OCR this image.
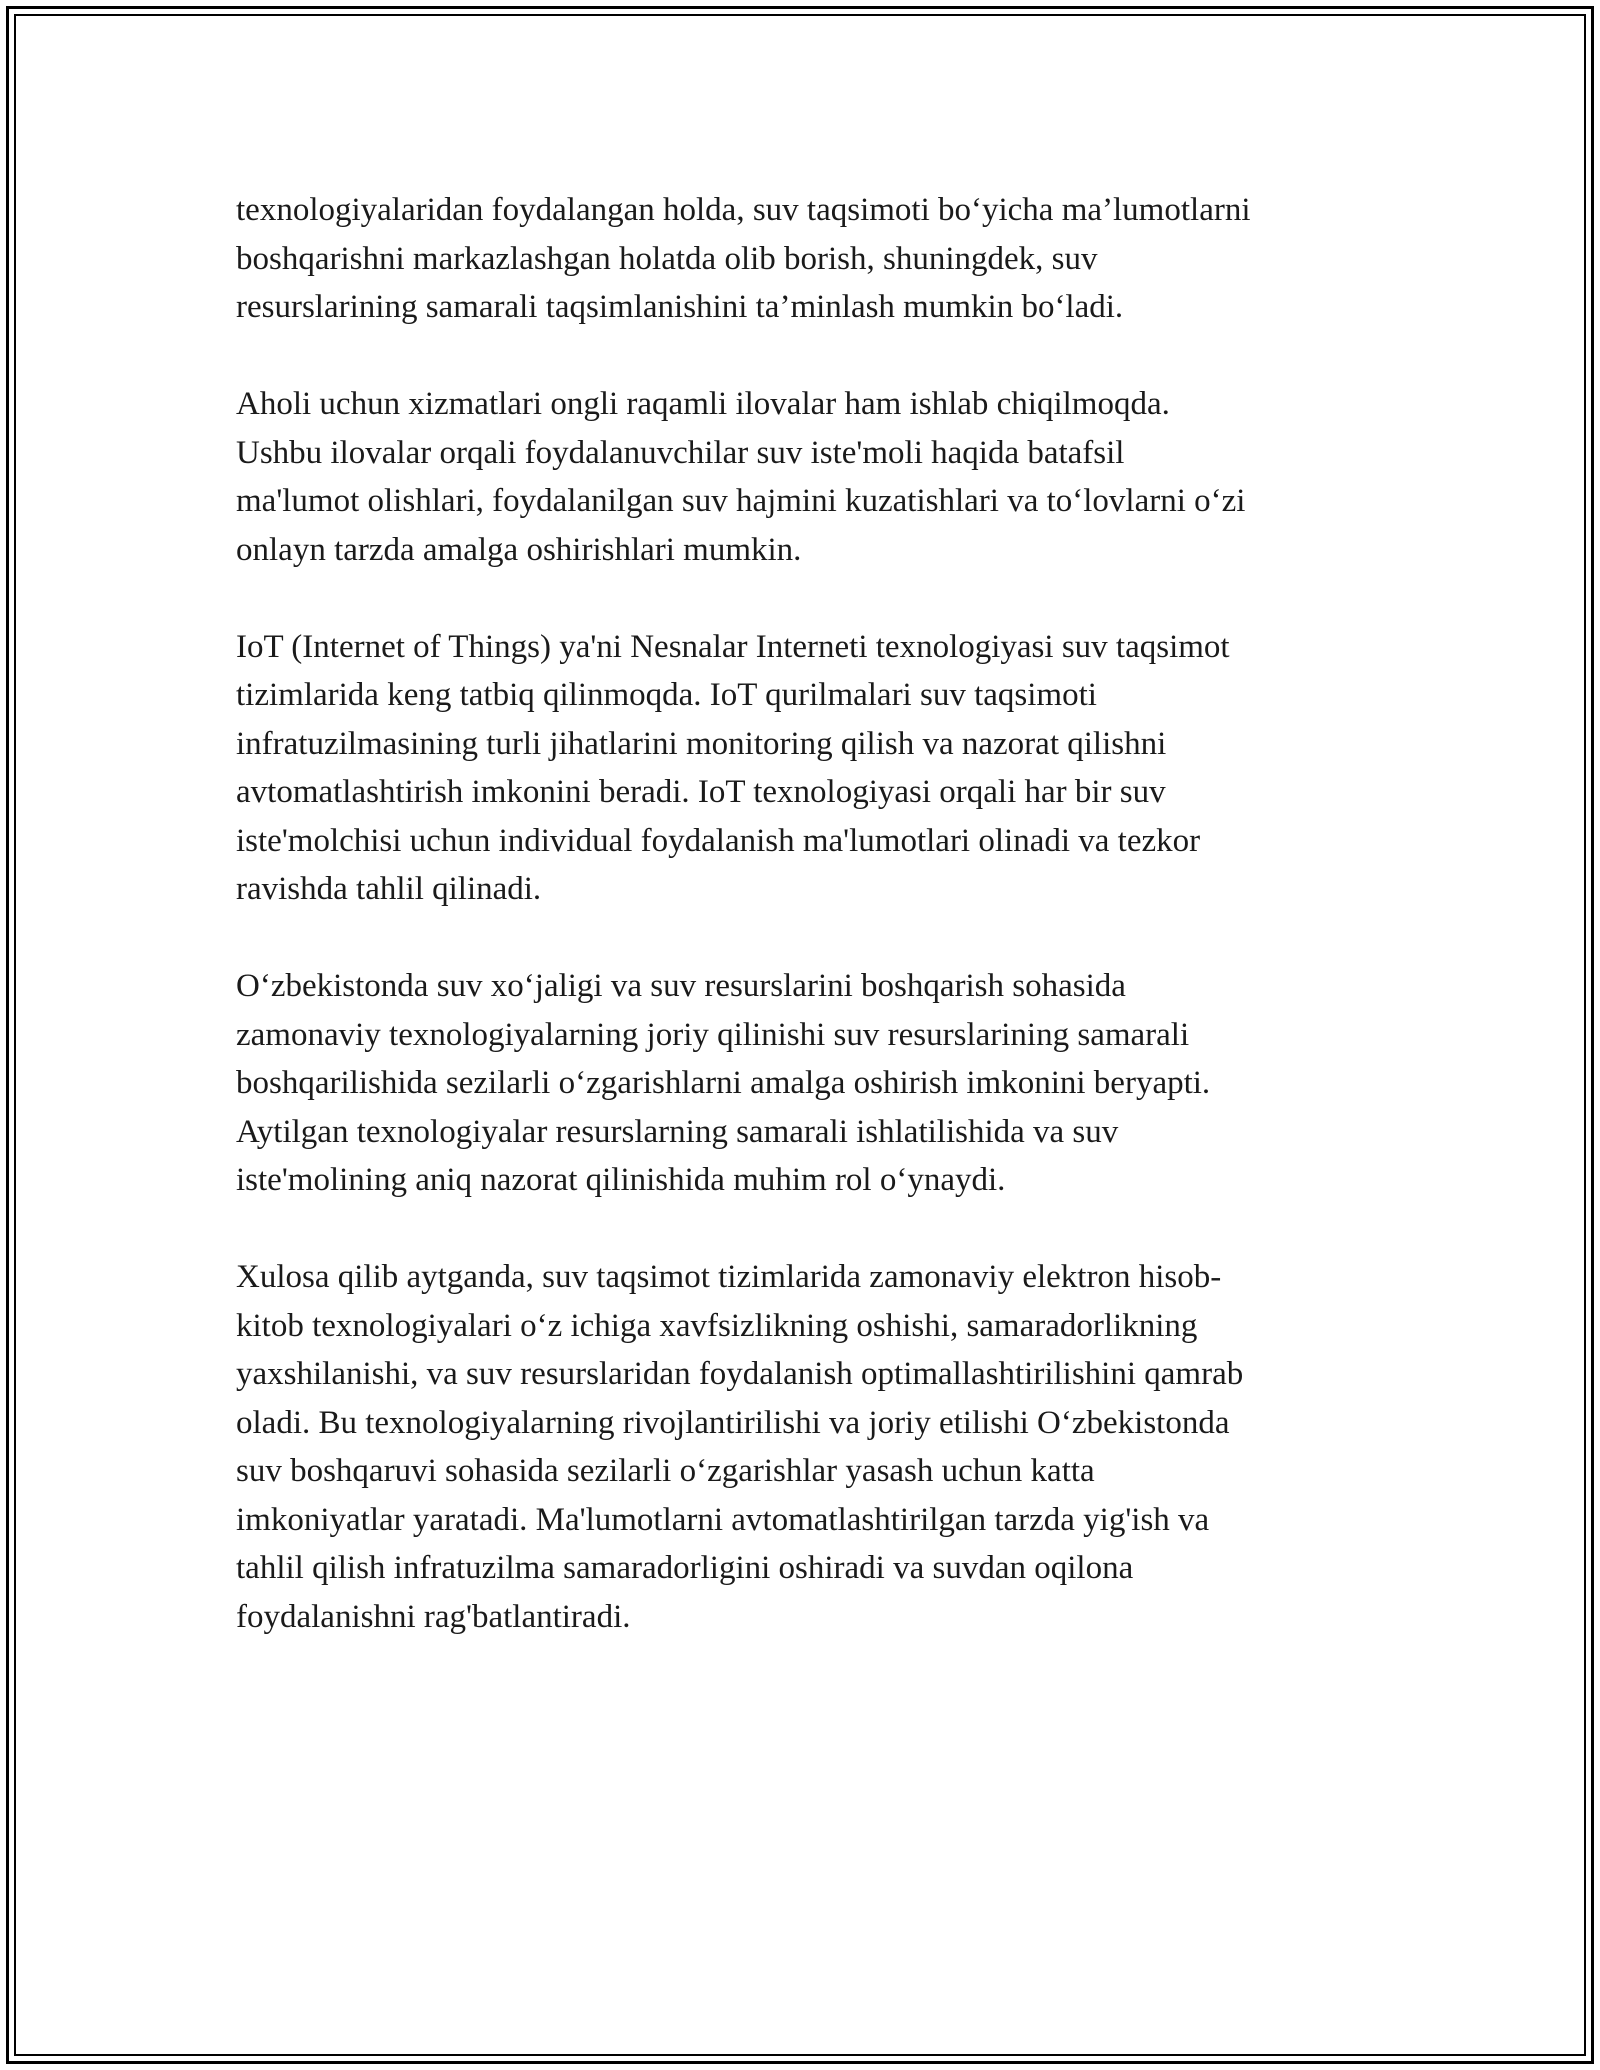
texnologiyalaridan foydalangan holda, suv taqsimoti bo‘yicha ma’lumotlarni
boshqarishni markazlashgan holatda olib borish, shuningdek, suv
resurslarining samarali taqsimlanishini ta’minlash mumkin bo‘ladi.

Aholi uchun xizmatlari ongli raqamli ilovalar ham ishlab chiqilmoqda.
Ushbu ilovalar orqali foydalanuvchilar suv iste'moli haqida batafsil
ma'lumot olishlari, foydalanilgan suv hajmini kuzatishlari va to‘lovlarni o‘zi
onlayn tarzda amalga oshirishlari mumkin.

IoT (Internet of Things) ya'ni Nesnalar Interneti texnologiyasi suv taqsimot
tizimlarida keng tatbiq qilinmoqda. IoT qurilmalari suv taqsimoti
infratuzilmasining turli jihatlarini monitoring qilish va nazorat qilishni
avtomatlashtirish imkonini beradi. IoT texnologiyasi orqali har bir suv
iste'molchisi uchun individual foydalanish ma'lumotlari olinadi va tezkor
ravishda tahlil qilinadi.

O‘zbekistonda suv xo‘jaligi va suv resurslarini boshqarish sohasida
zamonaviy texnologiyalarning joriy qilinishi suv resurslarining samarali
boshqarilishida sezilarli o‘zgarishlarni amalga oshirish imkonini beryapti.
Aytilgan texnologiyalar resurslarning samarali ishlatilishida va suv
iste'molining aniq nazorat qilinishida muhim rol o‘ynaydi.

Xulosa qilib aytganda, suv taqsimot tizimlarida zamonaviy elektron hisob-
kitob texnologiyalari o‘z ichiga xavfsizlikning oshishi, samaradorlikning
yaxshilanishi, va suv resurslaridan foydalanish optimallashtirilishini qamrab
oladi. Bu texnologiyalarning rivojlantirilishi va joriy etilishi O‘zbekistonda
suv boshqaruvi sohasida sezilarli o‘zgarishlar yasash uchun katta
imkoniyatlar yaratadi. Ma'lumotlarni avtomatlashtirilgan tarzda yig'ish va
tahlil qilish infratuzilma samaradorligini oshiradi va suvdan oqilona
foydalanishni rag'batlantiradi.
